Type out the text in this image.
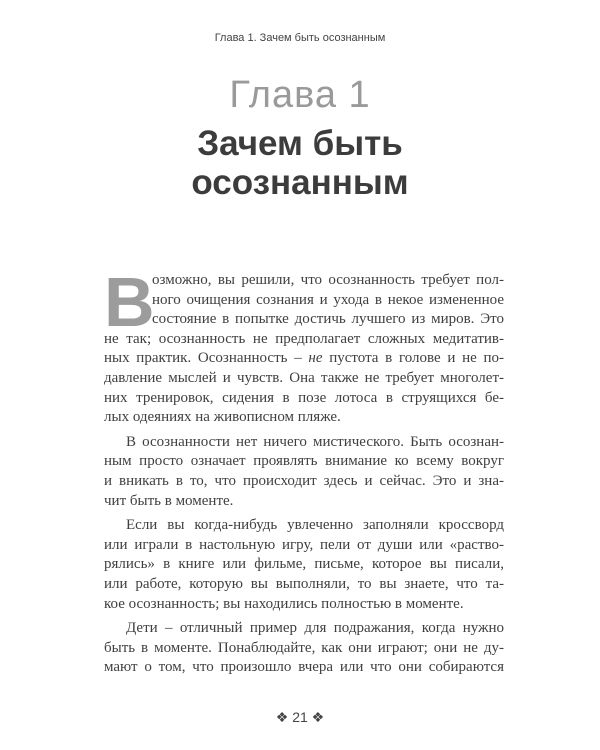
Глава 1. Зачем быть осознанным
Глава 1
Зачем быть
осознанным
В
озможно, вы решили, что осознанность требует пол-
ного очищения сознания и ухода в некое измененное
состояние в попытке достичь лучшего из миров. Это
не так; осознанность не предполагает сложных медитатив-
ных практик. Осознанность – не пустота в голове и не по-
давление мыслей и чувств. Она также не требует многолет-
них тренировок, сидения в позе лотоса в струящихся бе-
лых одеяниях на живописном пляже.
В осознанности нет ничего мистического. Быть осознан-
ным просто означает проявлять внимание ко всему вокруг
и вникать в то, что происходит здесь и сейчас. Это и зна-
чит быть в моменте.
Если вы когда-нибудь увлеченно заполняли кроссворд
или играли в настольную игру, пели от души или «раство-
рялись» в книге или фильме, письме, которое вы писали,
или работе, которую вы выполняли, то вы знаете, что та-
кое осознанность; вы находились полностью в моменте.
Дети – отличный пример для подражания, когда нужно
быть в моменте. Понаблюдайте, как они играют; они не ду-
мают о том, что произошло вчера или что они собираются
❖ 21 ❖
